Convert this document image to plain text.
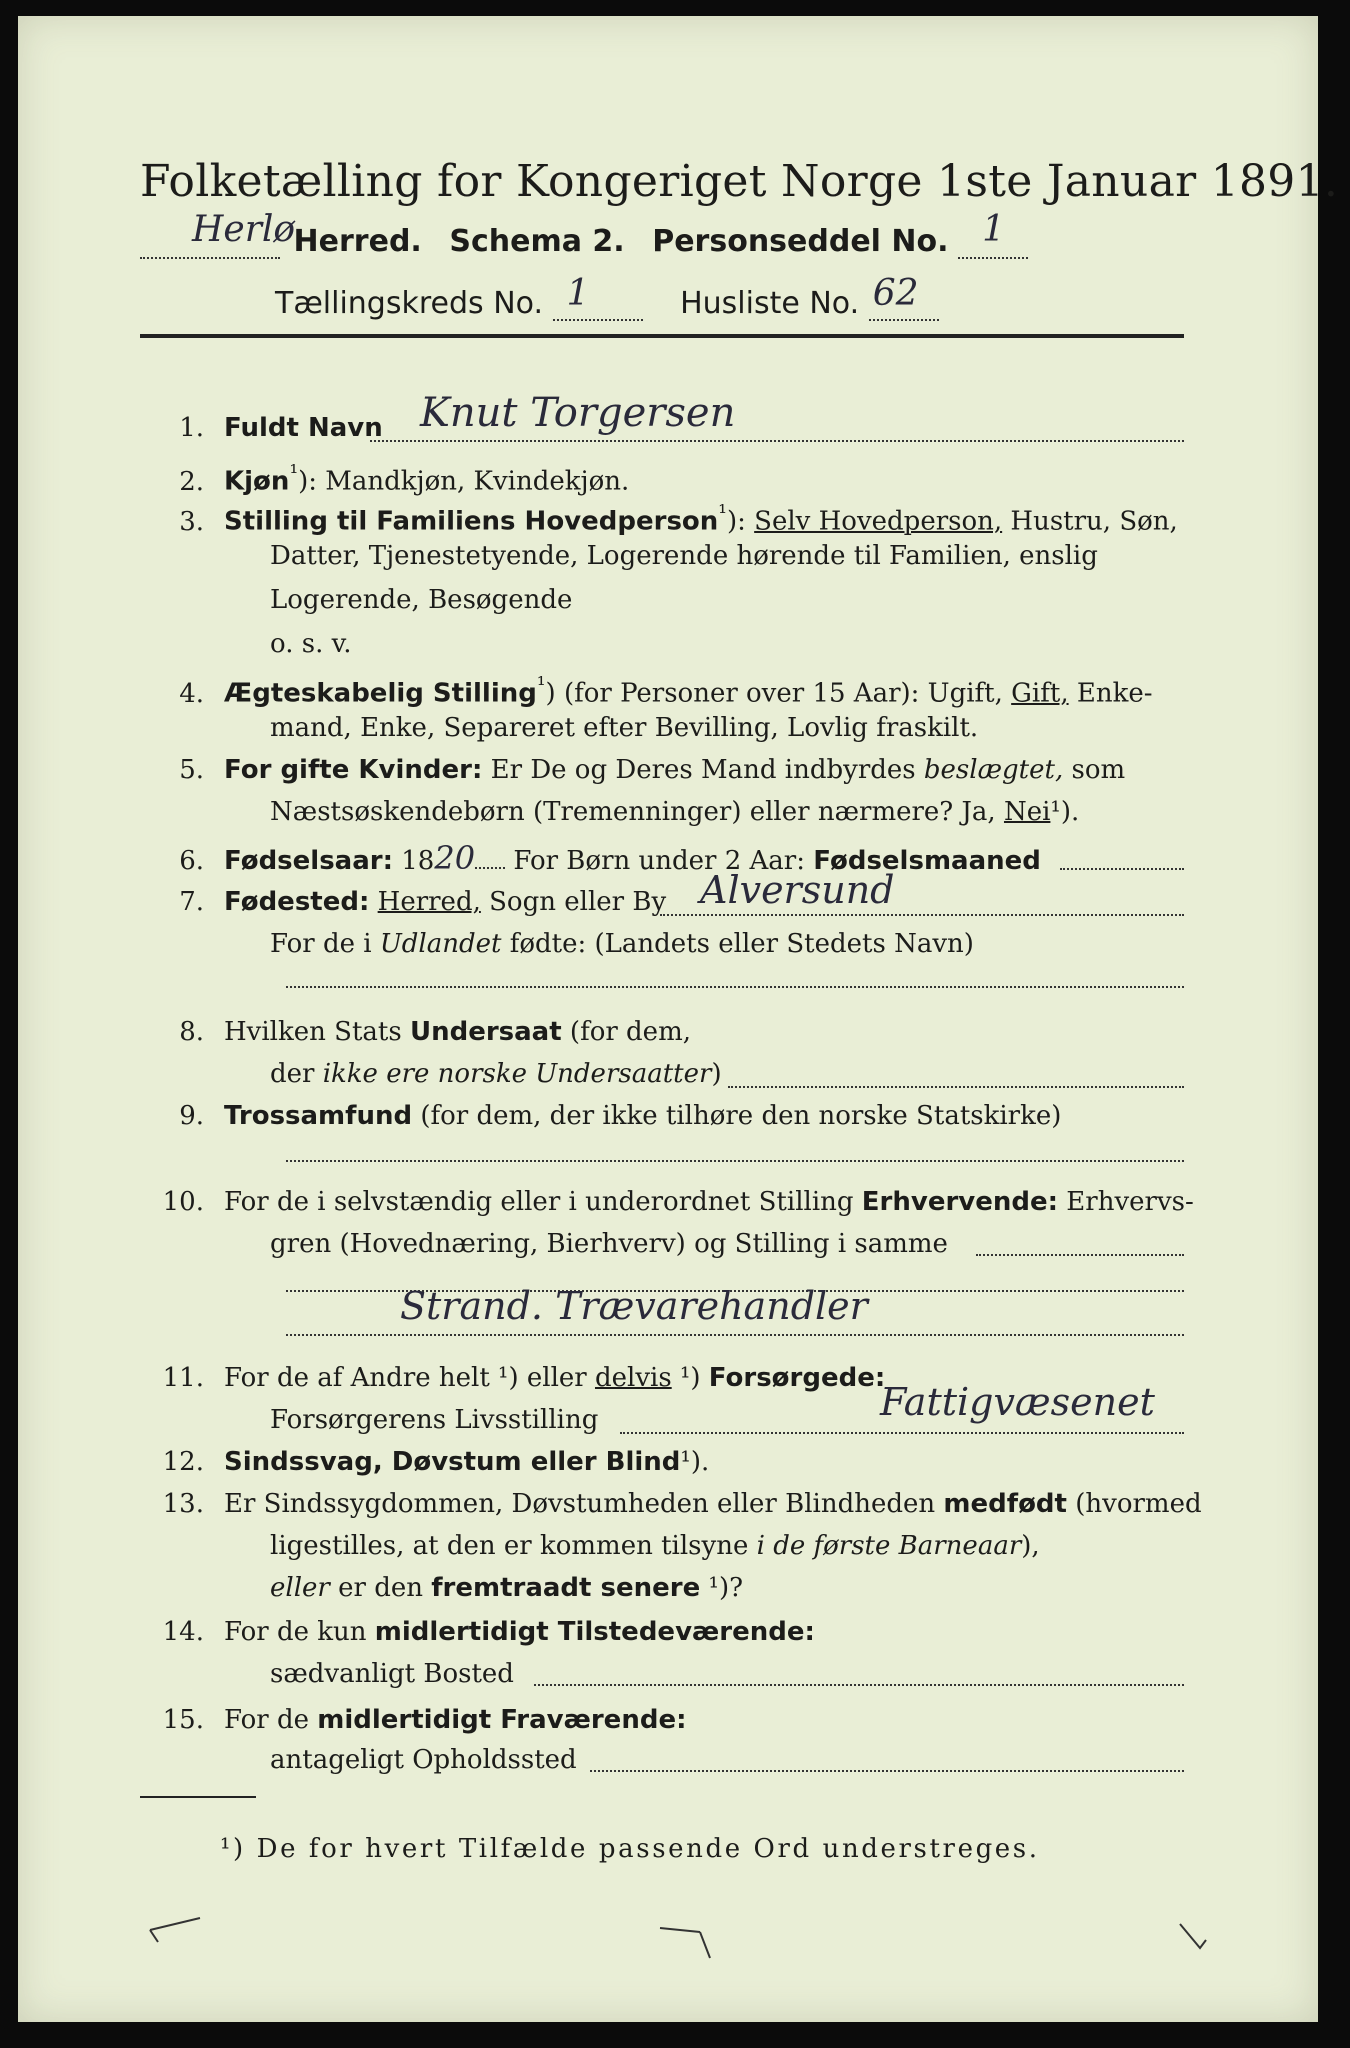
Folketælling for Kongeriget Norge 1ste Januar 1891.
Herlø
Herred. Schema 2. Personseddel No. 1
Tællingskreds No. 1	Husliste No. 62
1. Fuldt Navn Knut Torgersen
2. Kjøn$^{^1}$): Mandkjøn, Kvindekjøn.
3. Stilling til Familiens Hovedperson$^{^1}$): Selv Hovedperson, Hustru, Søn,
Datter, Tjenestetyende, Logerende hørende til Familien, enslig
Logerende, Besøgende
o. s. v.
4. Ægteskabelig Stilling$^{^1}$) (for Personer over 15 Aar): Ugift, Gift, Enke-
mand, Enke, Separeret efter Bevilling, Lovlig fraskilt.
5. For gifte Kvinder: Er De og Deres Mand indbyrdes beslægtet, som
Næstsøskendebørn (Tremenninger) eller nærmere? Ja, Nei¹).
6. Fødselsaar: 1820 For Børn under 2 Aar: Fødselsmaaned
7. Fødested: Herred, Sogn eller By Alversund
For de i Udlandet fødte: (Landets eller Stedets Navn)
8. Hvilken Stats Undersaat (for dem,
der ikke ere norske Undersaatter)
9. Trossamfund (for dem, der ikke tilhøre den norske Statskirke)
10. For de i selvstændig eller i underordnet Stilling Erhvervende: Erhvervs-
gren (Hovednæring, Bierhverv) og Stilling i samme
Strand. Trævarehandler
11. For de af Andre helt ¹) eller delvis ¹) Forsørgede:
Forsørgerens Livsstilling	Fattigvæsenet
12. Sindssvag, Døvstum eller Blind¹).
13. Er Sindssygdommen, Døvstumheden eller Blindheden medfødt (hvormed
ligestilles, at den er kommen tilsyne i de første Barneaar),
eller er den fremtraadt senere ¹)?
14. For de kun midlertidigt Tilstedeværende:
sædvanligt Bosted
15. For de midlertidigt Fraværende:
antageligt Opholdssted
¹) De for hvert Tilfælde passende Ord understreges.
